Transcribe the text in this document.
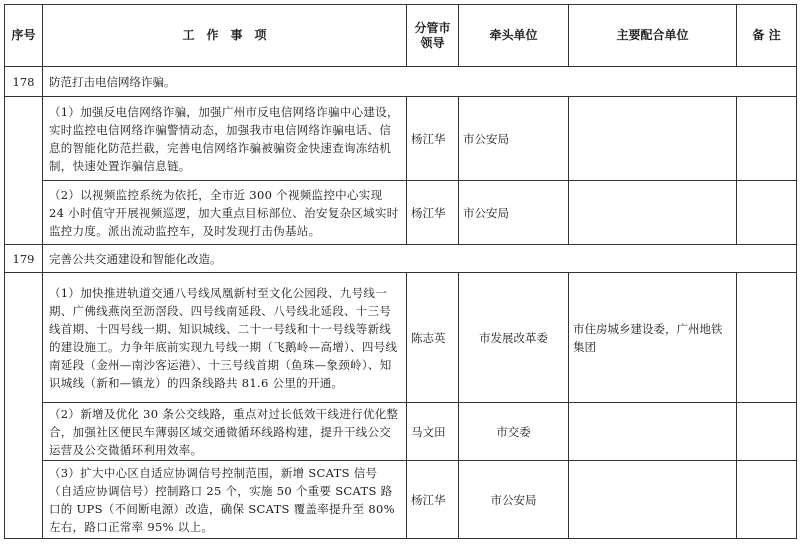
序号	工　作　事　项	分管市领导	牵头单位	主要配合单位	备 注
178	防范打击电信网络诈骗。				
	（1）加强反电信网络诈骗，加强广州市反电信网络诈骗中心建设，实时监控电信网络诈骗警情动态，加强我市电信网络诈骗电话、信息的智能化防范拦截，完善电信网络诈骗被骗资金快速查询冻结机制，快速处置诈骗信息链。	杨江华	市公安局		
	（2）以视频监控系统为依托，全市近 300 个视频监控中心实现 24 小时值守开展视频巡逻，加大重点目标部位、治安复杂区域实时监控力度。派出流动监控车，及时发现打击伪基站。	杨江华	市公安局		
179	完善公共交通建设和智能化改造。				
	（1）加快推进轨道交通八号线凤凰新村至文化公园段、九号线一期、广佛线燕岗至沥滘段、四号线南延段、八号线北延段、十三号线首期、十四号线一期、知识城线、二十一号线和十一号线等新线的建设施工。力争年底前实现九号线一期（飞鹅岭—高增）、四号线南延段（金州—南沙客运港）、十三号线首期（鱼珠—象颈岭）、知识城线（新和—镇龙）的四条线路共 81.6 公里的开通。	陈志英	市发展改革委	市住房城乡建设委，广州地铁集团	
	（2）新增及优化 30 条公交线路，重点对过长低效干线进行优化整合，加强社区便民车薄弱区域交通微循环线路构建，提升干线公交运营及公交微循环利用效率。	马文田	市交委		
	（3）扩大中心区自适应协调信号控制范围，新增 SCATS 信号（自适应协调信号）控制路口 25 个，实施 50 个重要 SCATS 路口的 UPS（不间断电源）改造，确保 SCATS 覆盖率提升至 80% 左右，路口正常率 95% 以上。	杨江华	市公安局		
